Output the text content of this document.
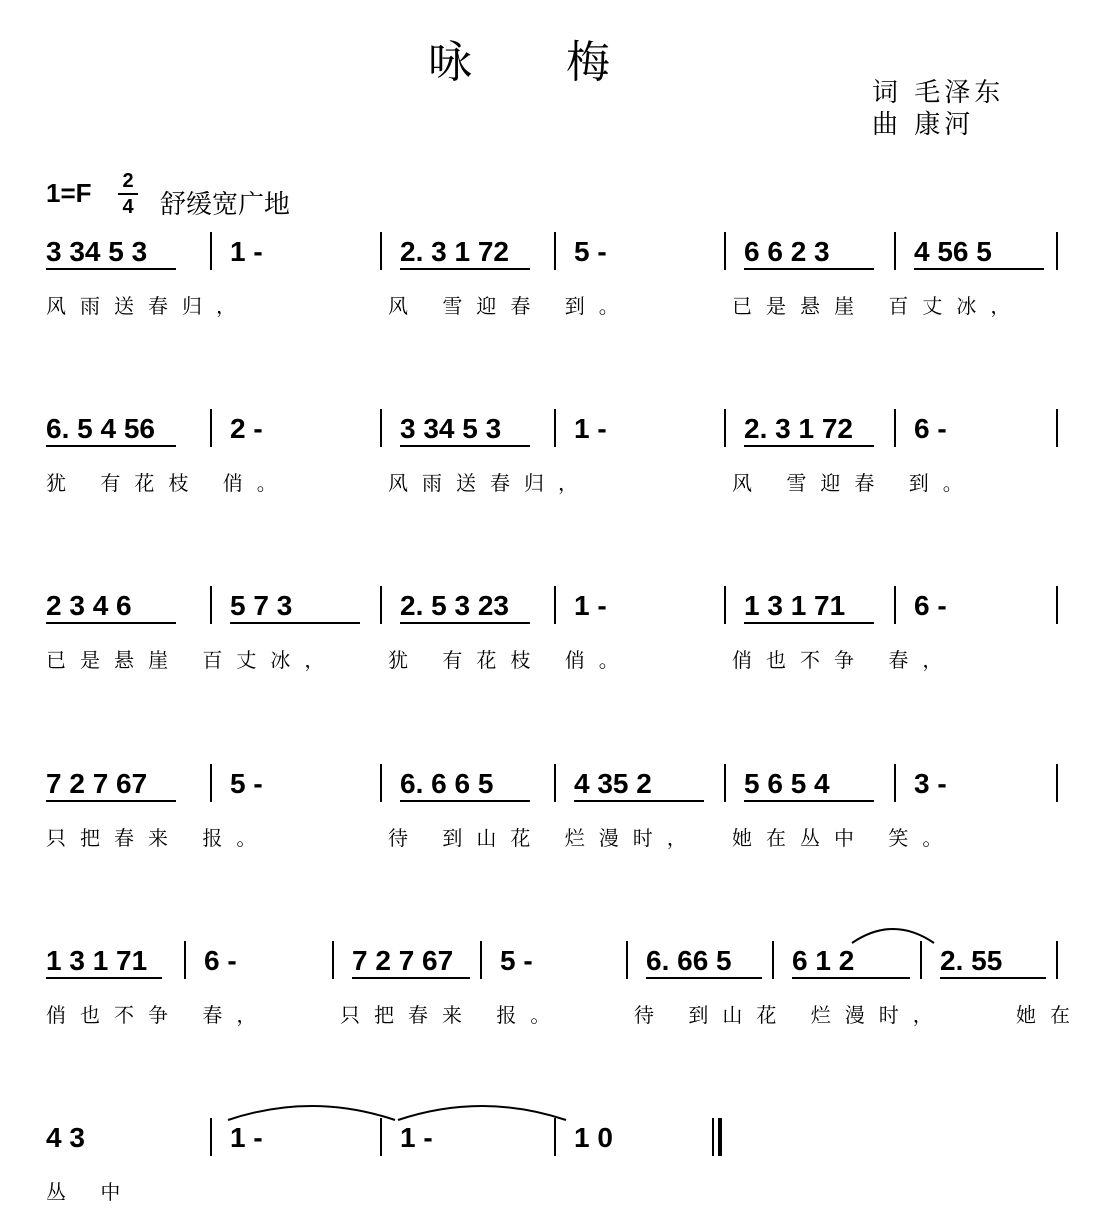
咏 梅
词 毛泽东
曲 康河
1=F 2
4 舒缓宽广地
3 34 5 3	1 -	2. 3 1 72 5 -	6 6 2 3	4 56 5
风雨送春归，	风 雪迎春 到。	已是悬崖 百丈冰，
6. 5 4 56	2 -	3 34 5 3	1 -	2. 3 1 72 6 -
犹 有花枝 俏。	风雨送春归，	风 雪迎春 到。
2 3 4 6	5 7 3	2. 5 3 23 1 -	1 3 1 71 6 -
已是悬崖 百丈冰， 犹 有花枝 俏。	俏也不争 春，
7 2 7 67	5 -	6. 6 6 5	4 35 2	5 6 5 4	3 -
只把春来 报。	待 到山花 烂漫时， 她在丛中 笑。
1 3 1 71 6 -	7 2 7 67 5 -	6. 66 5 6 1 2	2. 55
俏也不争 春，	只把春来 报。	待 到山花 烂漫时，	她在
4 3	1 -	1 -	1 0
丛 中
